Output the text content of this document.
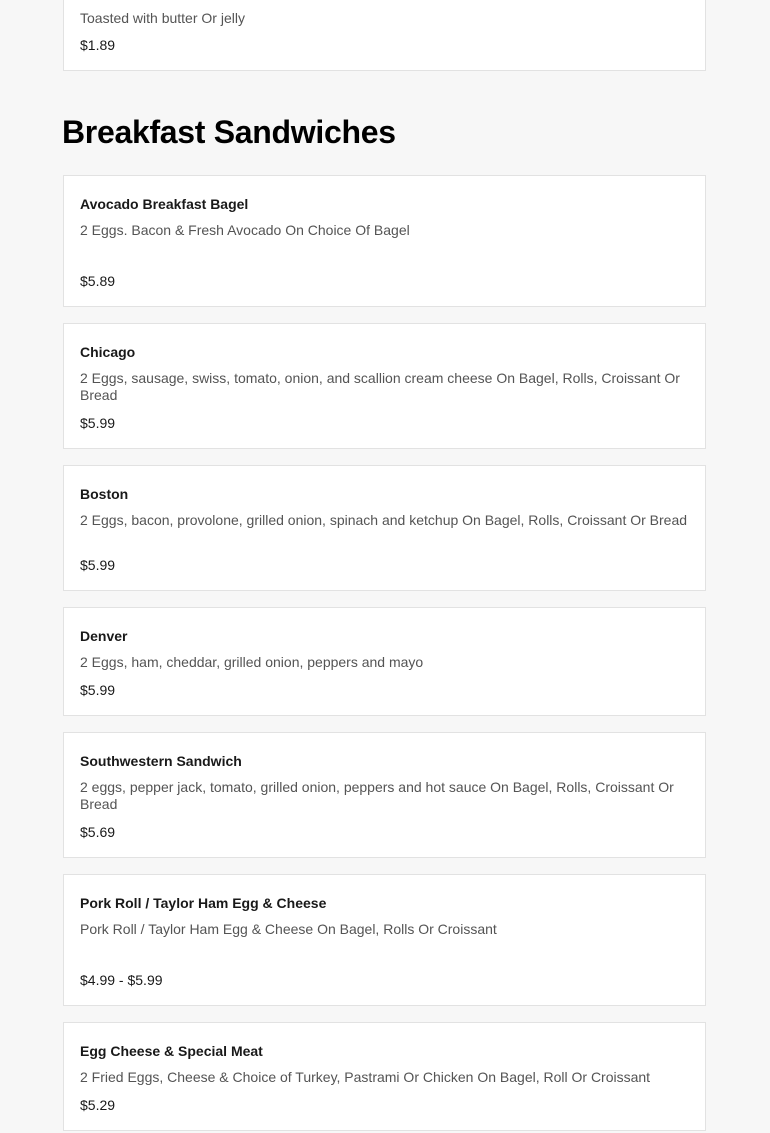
Toasted with butter Or jelly
$1.89
Breakfast Sandwiches
Avocado Breakfast Bagel
2 Eggs. Bacon & Fresh Avocado On Choice Of Bagel
$5.89
Chicago
2 Eggs, sausage, swiss, tomato, onion, and scallion cream cheese On Bagel, Rolls, Croissant Or Bread
$5.99
Boston
2 Eggs, bacon, provolone, grilled onion, spinach and ketchup On Bagel, Rolls, Croissant Or Bread
$5.99
Denver
2 Eggs, ham, cheddar, grilled onion, peppers and mayo
$5.99
Southwestern Sandwich
2 eggs, pepper jack, tomato, grilled onion, peppers and hot sauce On Bagel, Rolls, Croissant Or Bread
$5.69
Pork Roll / Taylor Ham Egg & Cheese
Pork Roll / Taylor Ham Egg & Cheese On Bagel, Rolls Or Croissant
$4.99 - $5.99
Egg Cheese & Special Meat
2 Fried Eggs, Cheese & Choice of Turkey, Pastrami Or Chicken On Bagel, Roll Or Croissant
$5.29
